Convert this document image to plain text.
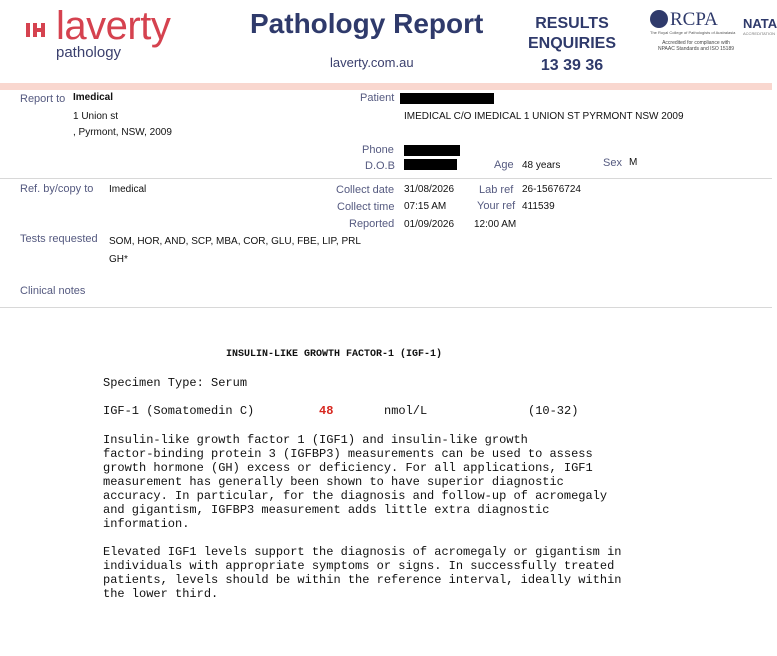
laverty
pathology
Pathology Report
laverty.com.au
RESULTS
ENQUIRIES
13 39 36
RCPA
The Royal College of Pathologists of Australasia
Accredited for compliance with NPAAC Standards and ISO 15189
NATA
ACCREDITATION
Report to Imedical
1 Union st
, Pyrmont, NSW, 2009
Patient
IMEDICAL C/O IMEDICAL 1 UNION ST PYRMONT NSW 2009
Phone
D.O.B	Age 48 years	Sex M
Ref. by/copy to Imedical	Collect date 31/08/2026
Collect time 07:15 AM
Reported 01/09/2026 12:00 AM
Lab ref 26-15676724
Your ref 411539
Tests requested SOM, HOR, AND, SCP, MBA, COR, GLU, FBE, LIP, PRL
GH*
Clinical notes
INSULIN-LIKE GROWTH FACTOR-1 (IGF-1)
Specimen Type: Serum
IGF-1 (Somatomedin C)	48	nmol/L	(10-32)
Insulin-like growth factor 1 (IGF1) and insulin-like growth
factor-binding protein 3 (IGFBP3) measurements can be used to assess
growth hormone (GH) excess or deficiency. For all applications, IGF1
measurement has generally been shown to have superior diagnostic
accuracy. In particular, for the diagnosis and follow-up of acromegaly
and gigantism, IGFBP3 measurement adds little extra diagnostic
information.
Elevated IGF1 levels support the diagnosis of acromegaly or gigantism in
individuals with appropriate symptoms or signs. In successfully treated
patients, levels should be within the reference interval, ideally within
the lower third.
